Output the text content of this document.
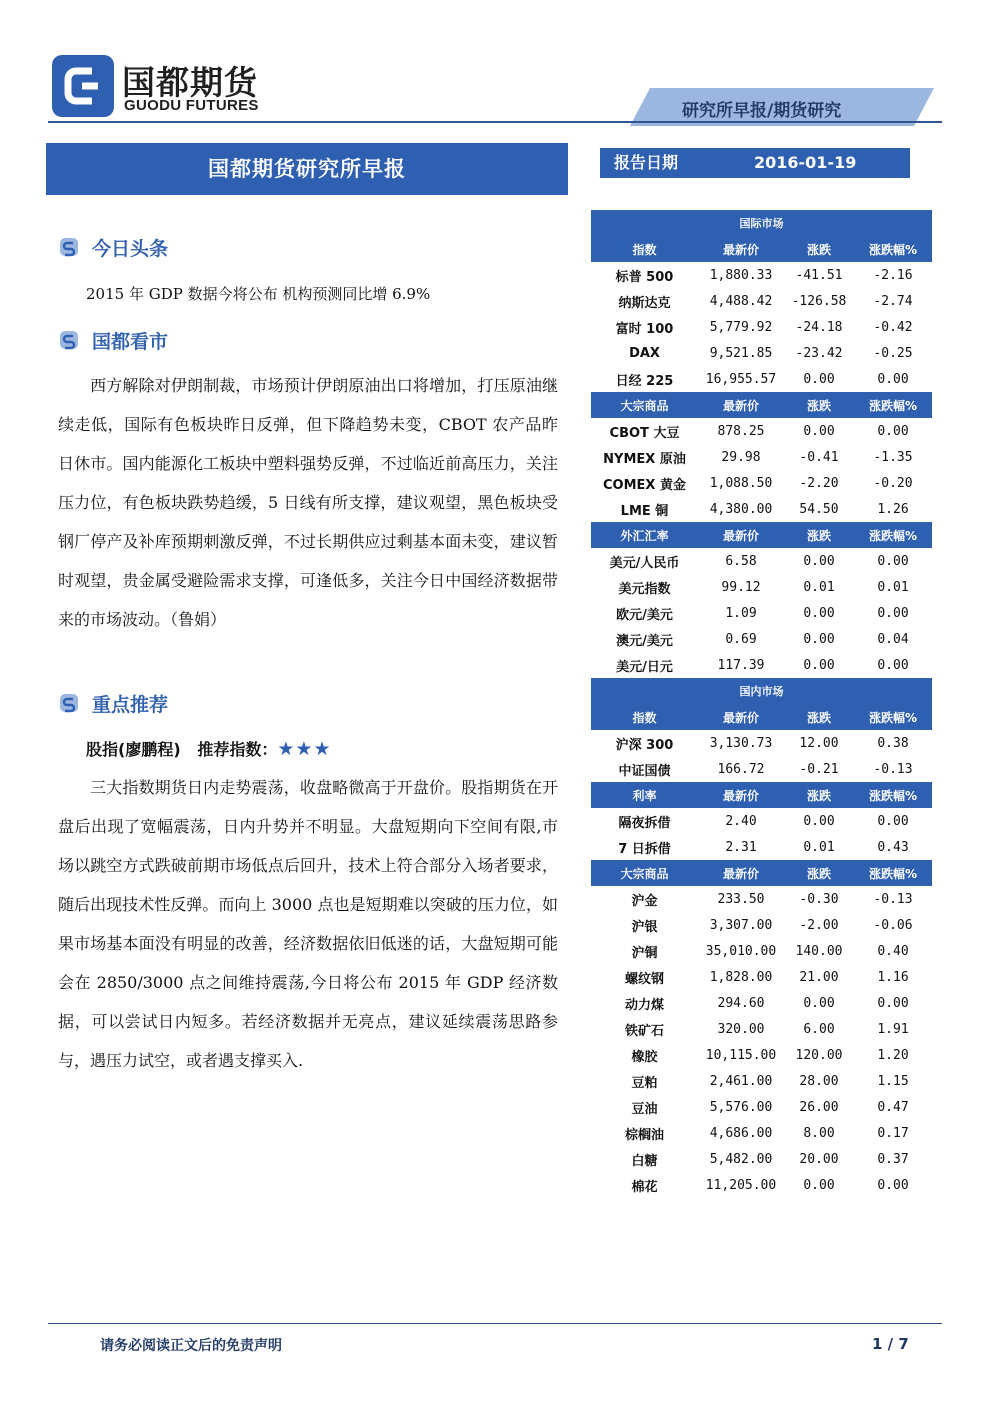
国都期货
GUODU FUTURES	研究所早报/期货研究
国都期货研究所早报	报告日期	2016-01-19
今日头条
2015 年 GDP 数据今将公布 机构预测同比增 6.9%
国都看市
西方解除对伊朗制裁，市场预计伊朗原油出口将增加，打压原油继续走低，国际有色板块昨日反弹，但下降趋势未变，CBOT 农产品昨日休市。国内能源化工板块中塑料强势反弹，不过临近前高压力，关注压力位，有色板块跌势趋缓，5 日线有所支撑，建议观望，黑色板块受钢厂停产及补库预期刺激反弹，不过长期供应过剩基本面未变，建议暂时观望，贵金属受避险需求支撑，可逢低多，关注今日中国经济数据带来的市场波动。（鲁娟）
重点推荐
股指(廖鹏程) 推荐指数：★★★
三大指数期货日内走势震荡，收盘略微高于开盘价。股指期货在开盘后出现了宽幅震荡，日内升势并不明显。大盘短期向下空间有限,市场以跳空方式跌破前期市场低点后回升，技术上符合部分入场者要求，随后出现技术性反弹。而向上 3000 点也是短期难以突破的压力位，如果市场基本面没有明显的改善，经济数据依旧低迷的话，大盘短期可能会在 2850/3000 点之间维持震荡,今日将公布 2015 年 GDP 经济数据，可以尝试日内短多。若经济数据并无亮点，建议延续震荡思路参与，遇压力试空，或者遇支撑买入.
国际市场			
指数	最新价	涨跌	涨跌幅%
标普 500	1,880.33	-41.51	-2.16
纳斯达克	4,488.42	-126.58	-2.74
富时 100	5,779.92	-24.18	-0.42
DAX	9,521.85	-23.42	-0.25
日经 225	16,955.57	0.00	0.00
大宗商品	最新价	涨跌	涨跌幅%
CBOT 大豆	878.25	0.00	0.00
NYMEX 原油	29.98	-0.41	-1.35
COMEX 黄金	1,088.50	-2.20	-0.20
LME 铜	4,380.00	54.50	1.26
外汇汇率	最新价	涨跌	涨跌幅%
美元/人民币	6.58	0.00	0.00
美元指数	99.12	0.01	0.01
欧元/美元	1.09	0.00	0.00
澳元/美元	0.69	0.00	0.04
美元/日元	117.39	0.00	0.00
国内市场			
指数	最新价	涨跌	涨跌幅%
沪深 300	3,130.73	12.00	0.38
中证国债	166.72	-0.21	-0.13
利率	最新价	涨跌	涨跌幅%
隔夜拆借	2.40	0.00	0.00
7 日拆借	2.31	0.01	0.43
大宗商品	最新价	涨跌	涨跌幅%
沪金	233.50	-0.30	-0.13
沪银	3,307.00	-2.00	-0.06
沪铜	35,010.00	140.00	0.40
螺纹钢	1,828.00	21.00	1.16
动力煤	294.60	0.00	0.00
铁矿石	320.00	6.00	1.91
橡胶	10,115.00	120.00	1.20
豆粕	2,461.00	28.00	1.15
豆油	5,576.00	26.00	0.47
棕榈油	4,686.00	8.00	0.17
白糖	5,482.00	20.00	0.37
棉花	11,205.00	0.00	0.00
请务必阅读正文后的免责声明	1 / 7
